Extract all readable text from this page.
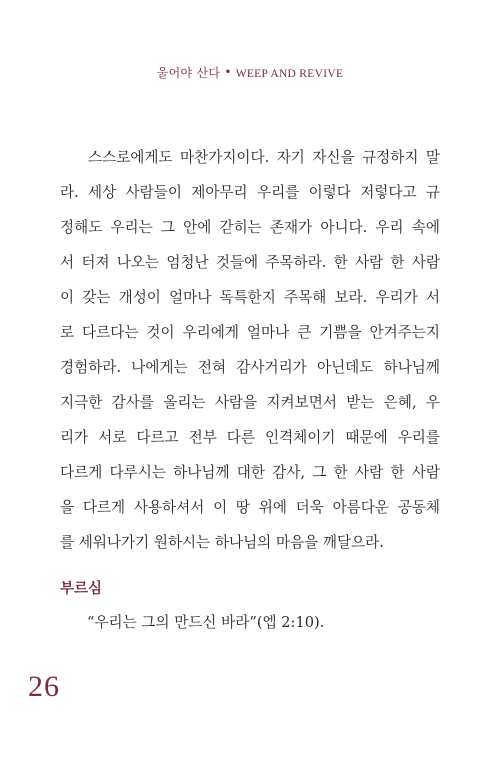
울어야 산다 • WEEP AND REVIVE
스스로에게도 마찬가지이다. 자기 자신을 규정하지 말
라. 세상 사람들이 제아무리 우리를 이렇다 저렇다고 규
정해도 우리는 그 안에 갇히는 존재가 아니다. 우리 속에
서 터져 나오는 엄청난 것들에 주목하라. 한 사람 한 사람
이 갖는 개성이 얼마나 독특한지 주목해 보라. 우리가 서
로 다르다는 것이 우리에게 얼마나 큰 기쁨을 안겨주는지
경험하라. 나에게는 전혀 감사거리가 아닌데도 하나님께
지극한 감사를 올리는 사람을 지켜보면서 받는 은혜, 우
리가 서로 다르고 전부 다른 인격체이기 때문에 우리를
다르게 다루시는 하나님께 대한 감사, 그 한 사람 한 사람
을 다르게 사용하셔서 이 땅 위에 더욱 아름다운 공동체
를 세워나가기 원하시는 하나님의 마음을 깨달으라.
부르심
“우리는 그의 만드신 바라”(엡 2:10).
26
